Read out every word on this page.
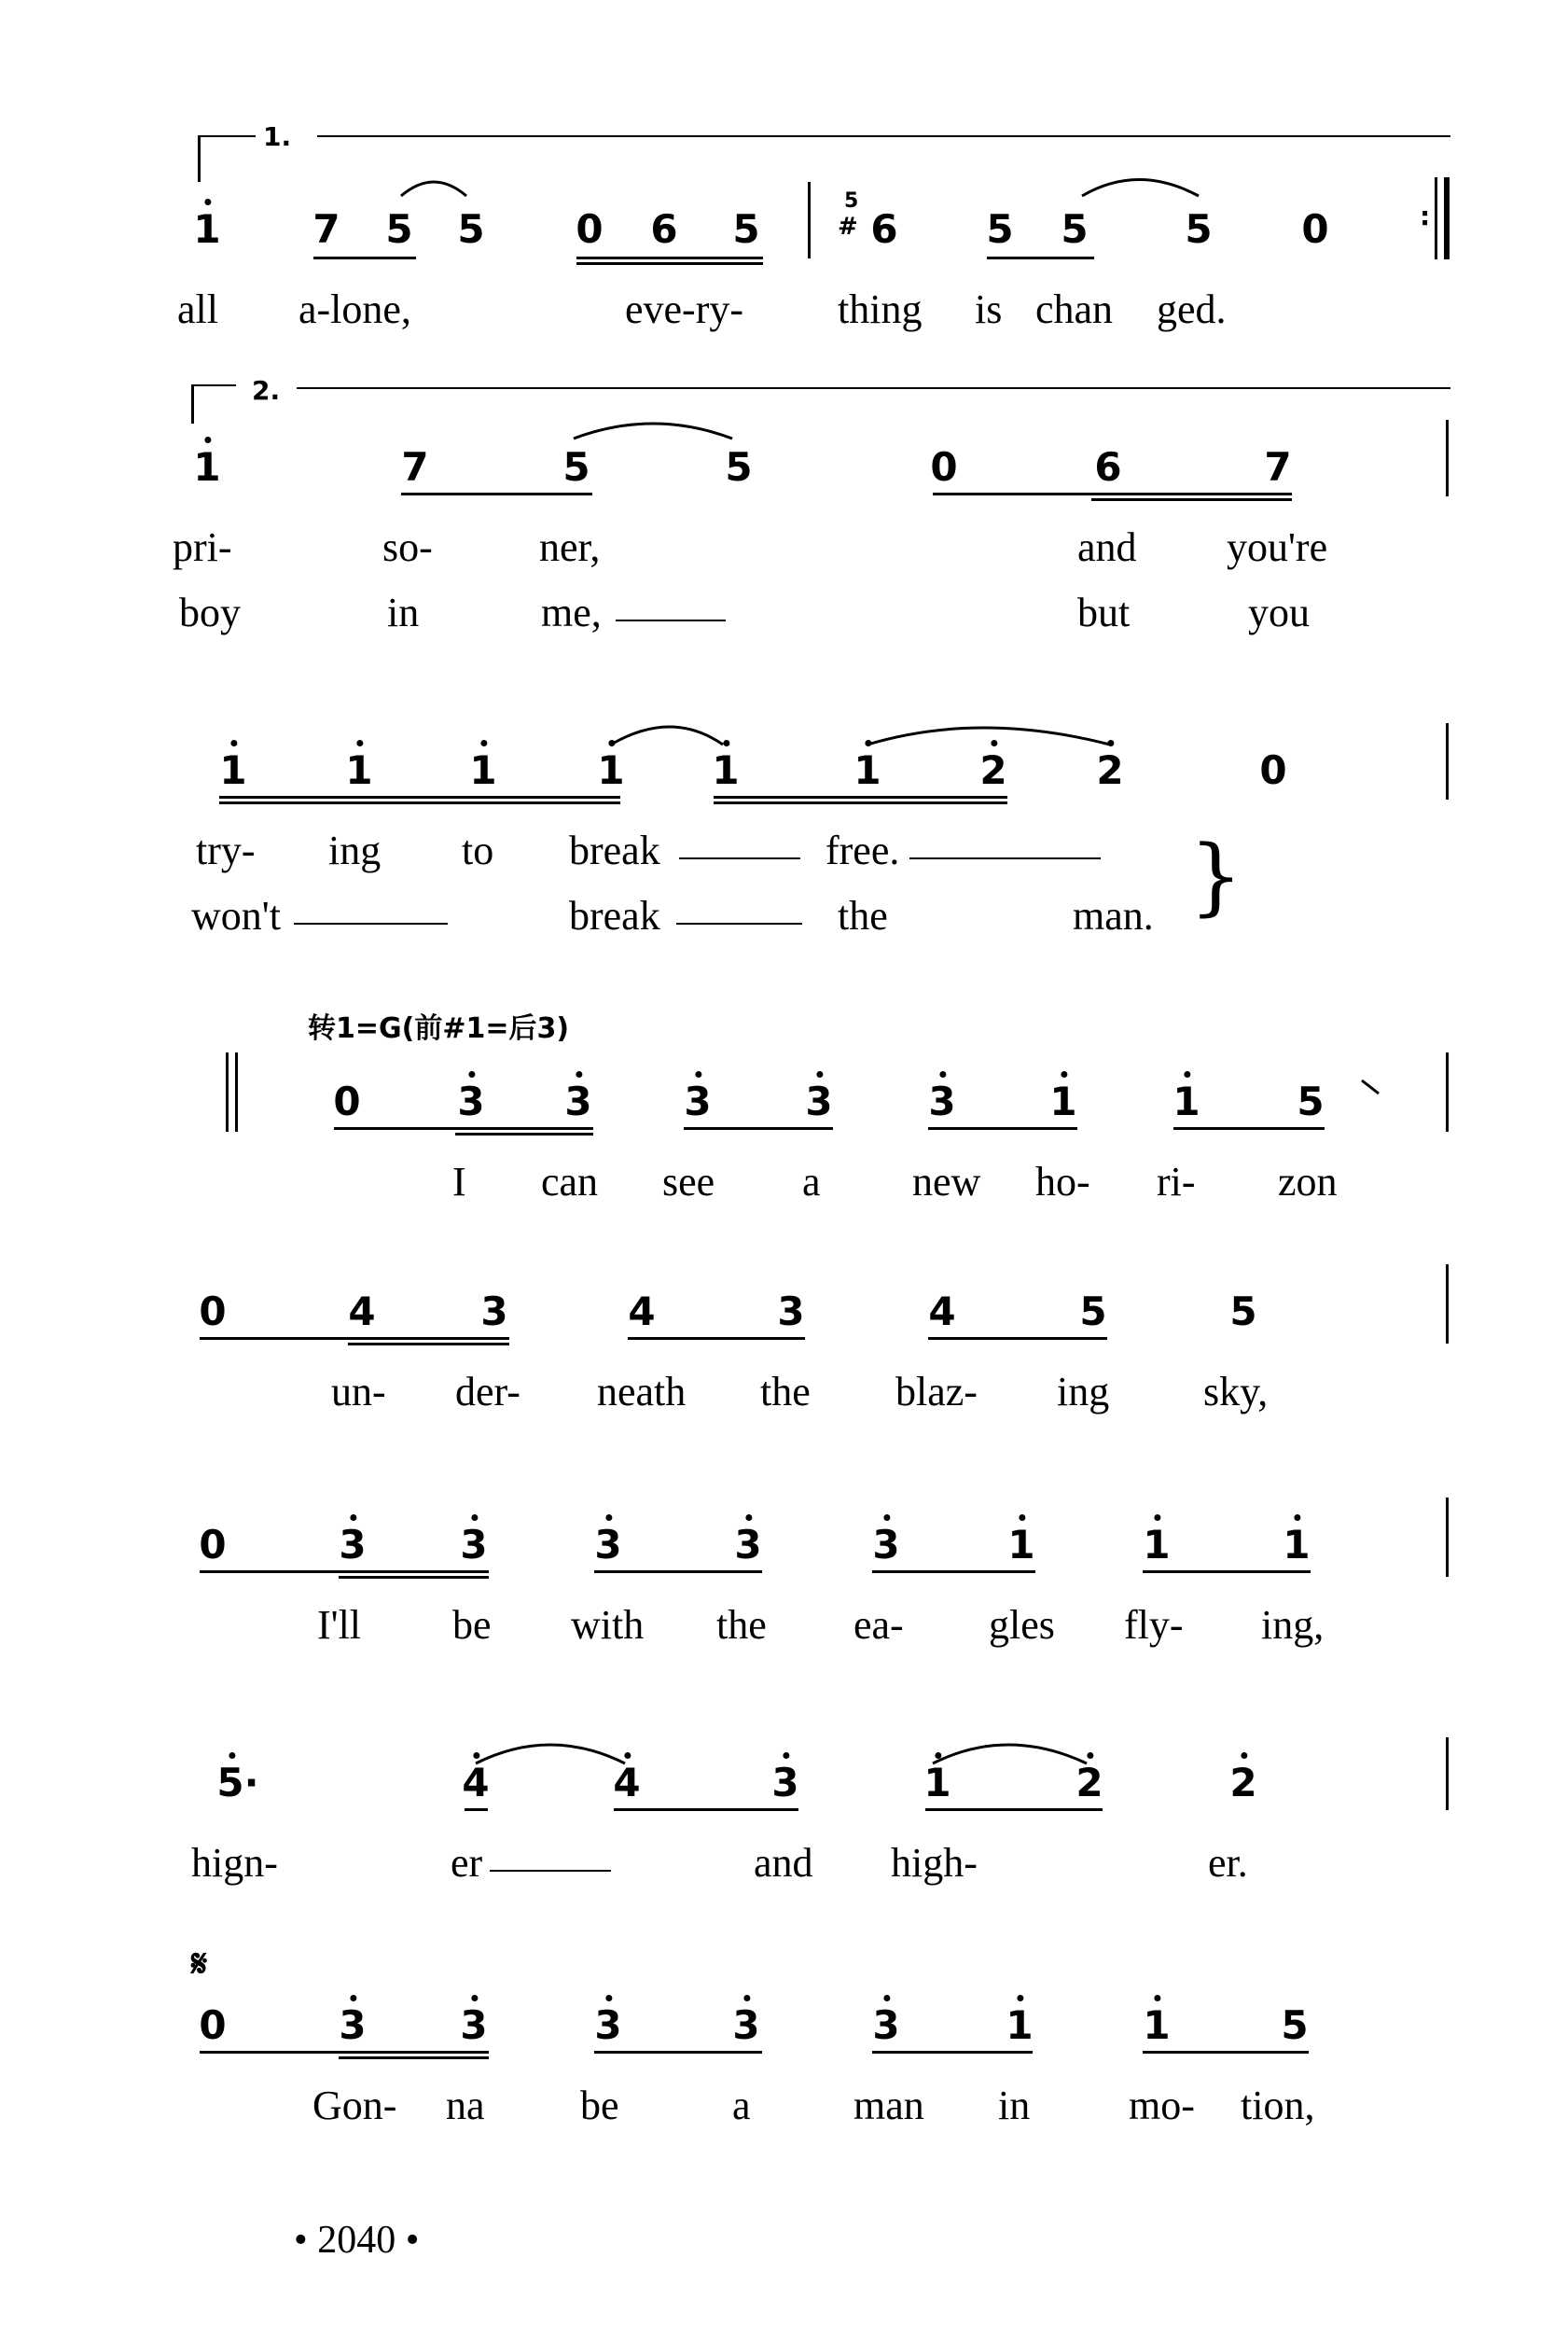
1.
1 7 5 5 0 6 5
5
# 6 5 5 5 0	:
all a-lone,	eve-ry- thing is chan ged.
2.
1	7	5	5	0	6	7
pri-	so-	ner,	and you're
boy	in	me,	but	you
1	1 1	1 1	1	2 2	0
try- ing to break	free.
won't	break	the	man. }
转1=G(前#1=后3)
0 3 3 3 3 3 1 1 5
I can see a new ho- ri- zon
0	4	3	4	3	4	5	5
un- der- neath the blaz- ing sky,
0	3 3	3	3	3	1	1	1
I'll be with the ea- gles fly- ing,
5·	4	4	3	1	2	2
hign-	er	and high-	er.
𝄋
0	3 3	3	3	3	1	1	5
Gon- na be	a	man in mo- tion,
• 2040 •
